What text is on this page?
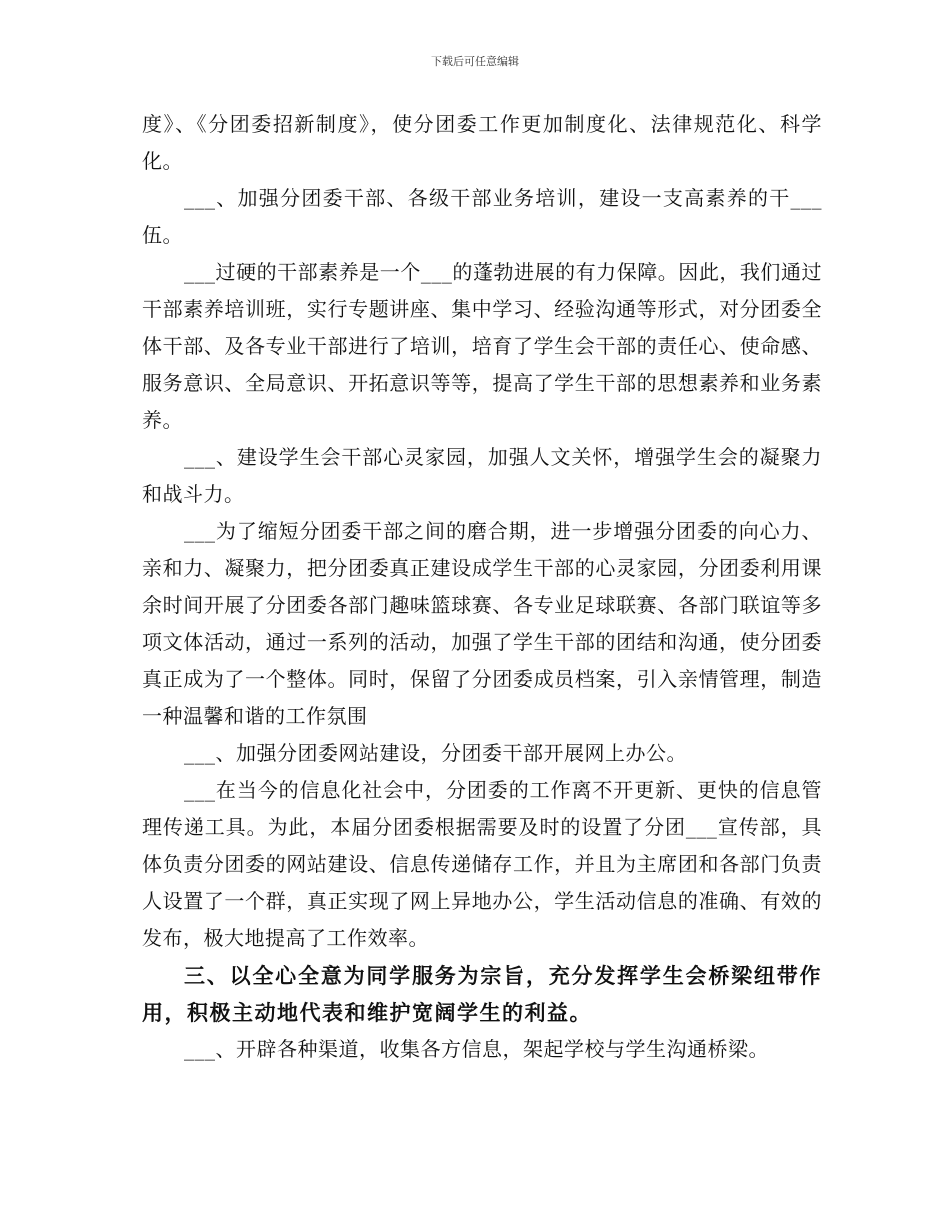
下载后可任意编辑

度》、《分团委招新制度》，使分团委工作更加制度化、法律规范化、科学化。

___、加强分团委干部、各级干部业务培训，建设一支高素养的干___伍。

___过硬的干部素养是一个___的蓬勃进展的有力保障。因此，我们通过干部素养培训班，实行专题讲座、集中学习、经验沟通等形式，对分团委全体干部、及各专业干部进行了培训，培育了学生会干部的责任心、使命感、服务意识、全局意识、开拓意识等等，提高了学生干部的思想素养和业务素养。

___、建设学生会干部心灵家园，加强人文关怀，增强学生会的凝聚力和战斗力。

___为了缩短分团委干部之间的磨合期，进一步增强分团委的向心力、亲和力、凝聚力，把分团委真正建设成学生干部的心灵家园，分团委利用课余时间开展了分团委各部门趣味篮球赛、各专业足球联赛、各部门联谊等多项文体活动，通过一系列的活动，加强了学生干部的团结和沟通，使分团委真正成为了一个整体。同时，保留了分团委成员档案，引入亲情管理，制造一种温馨和谐的工作氛围

___、加强分团委网站建设，分团委干部开展网上办公。

___在当今的信息化社会中，分团委的工作离不开更新、更快的信息管理传递工具。为此，本届分团委根据需要及时的设置了分团___宣传部，具体负责分团委的网站建设、信息传递储存工作，并且为主席团和各部门负责人设置了一个群，真正实现了网上异地办公，学生活动信息的准确、有效的发布，极大地提高了工作效率。

三、以全心全意为同学服务为宗旨，充分发挥学生会桥梁纽带作用，积极主动地代表和维护宽阔学生的利益。

___、开辟各种渠道，收集各方信息，架起学校与学生沟通桥梁。
